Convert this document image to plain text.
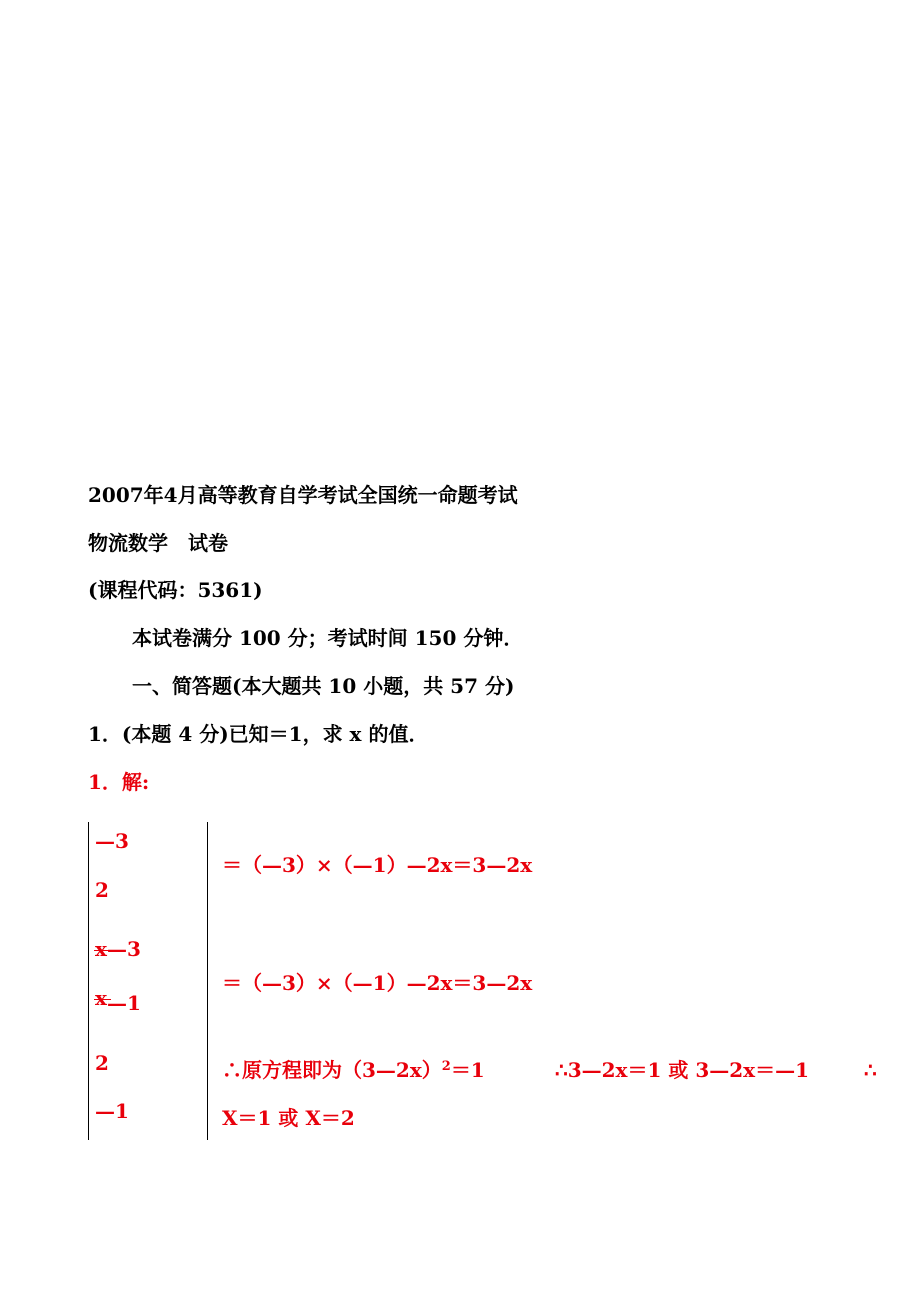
2007年4月高等教育自学考试全国统一命题考试
物流数学　试卷
(课程代码：5361)
本试卷满分 100 分；考试时间 150 分钟．
一、简答题(本大题共 10 小题，共 57 分)
1．(本题 4 分)已知＝1，求 x 的值．
1．解:
—3
2
x—3
x—1
2
—1
＝（—3）×（—1）—2x＝3—2x
＝（—3）×（—1）—2x＝3—2x
∴原方程即为（3—2x）$^2$＝1	∴3—2x＝1 或 3—2x＝—1	∴
X＝1 或 X＝2
